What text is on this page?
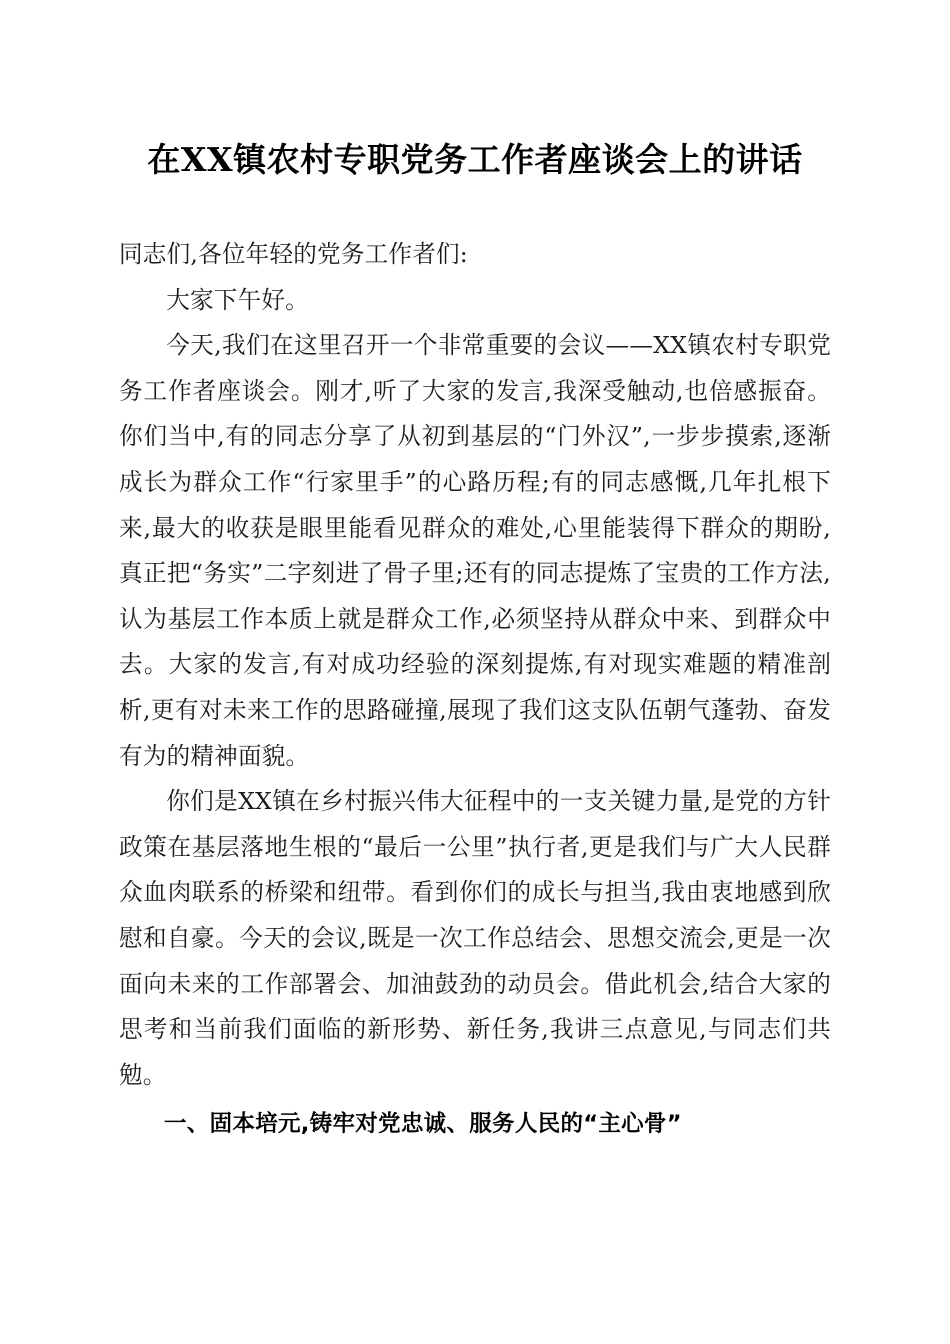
在XX镇农村专职党务工作者座谈会上的讲话

同志们,各位年轻的党务工作者们:

大家下午好。

今天,我们在这里召开一个非常重要的会议——XX镇农村专职党务工作者座谈会。刚才,听了大家的发言,我深受触动,也倍感振奋。你们当中,有的同志分享了从初到基层的“门外汉”,一步步摸索,逐渐成长为群众工作“行家里手”的心路历程;有的同志感慨,几年扎根下来,最大的收获是眼里能看见群众的难处,心里能装得下群众的期盼,真正把“务实”二字刻进了骨子里;还有的同志提炼了宝贵的工作方法,认为基层工作本质上就是群众工作,必须坚持从群众中来、到群众中去。大家的发言,有对成功经验的深刻提炼,有对现实难题的精准剖析,更有对未来工作的思路碰撞,展现了我们这支队伍朝气蓬勃、奋发有为的精神面貌。

你们是XX镇在乡村振兴伟大征程中的一支关键力量,是党的方针政策在基层落地生根的“最后一公里”执行者,更是我们与广大人民群众血肉联系的桥梁和纽带。看到你们的成长与担当,我由衷地感到欣慰和自豪。今天的会议,既是一次工作总结会、思想交流会,更是一次面向未来的工作部署会、加油鼓劲的动员会。借此机会,结合大家的思考和当前我们面临的新形势、新任务,我讲三点意见,与同志们共勉。

一、固本培元,铸牢对党忠诚、服务人民的“主心骨”
